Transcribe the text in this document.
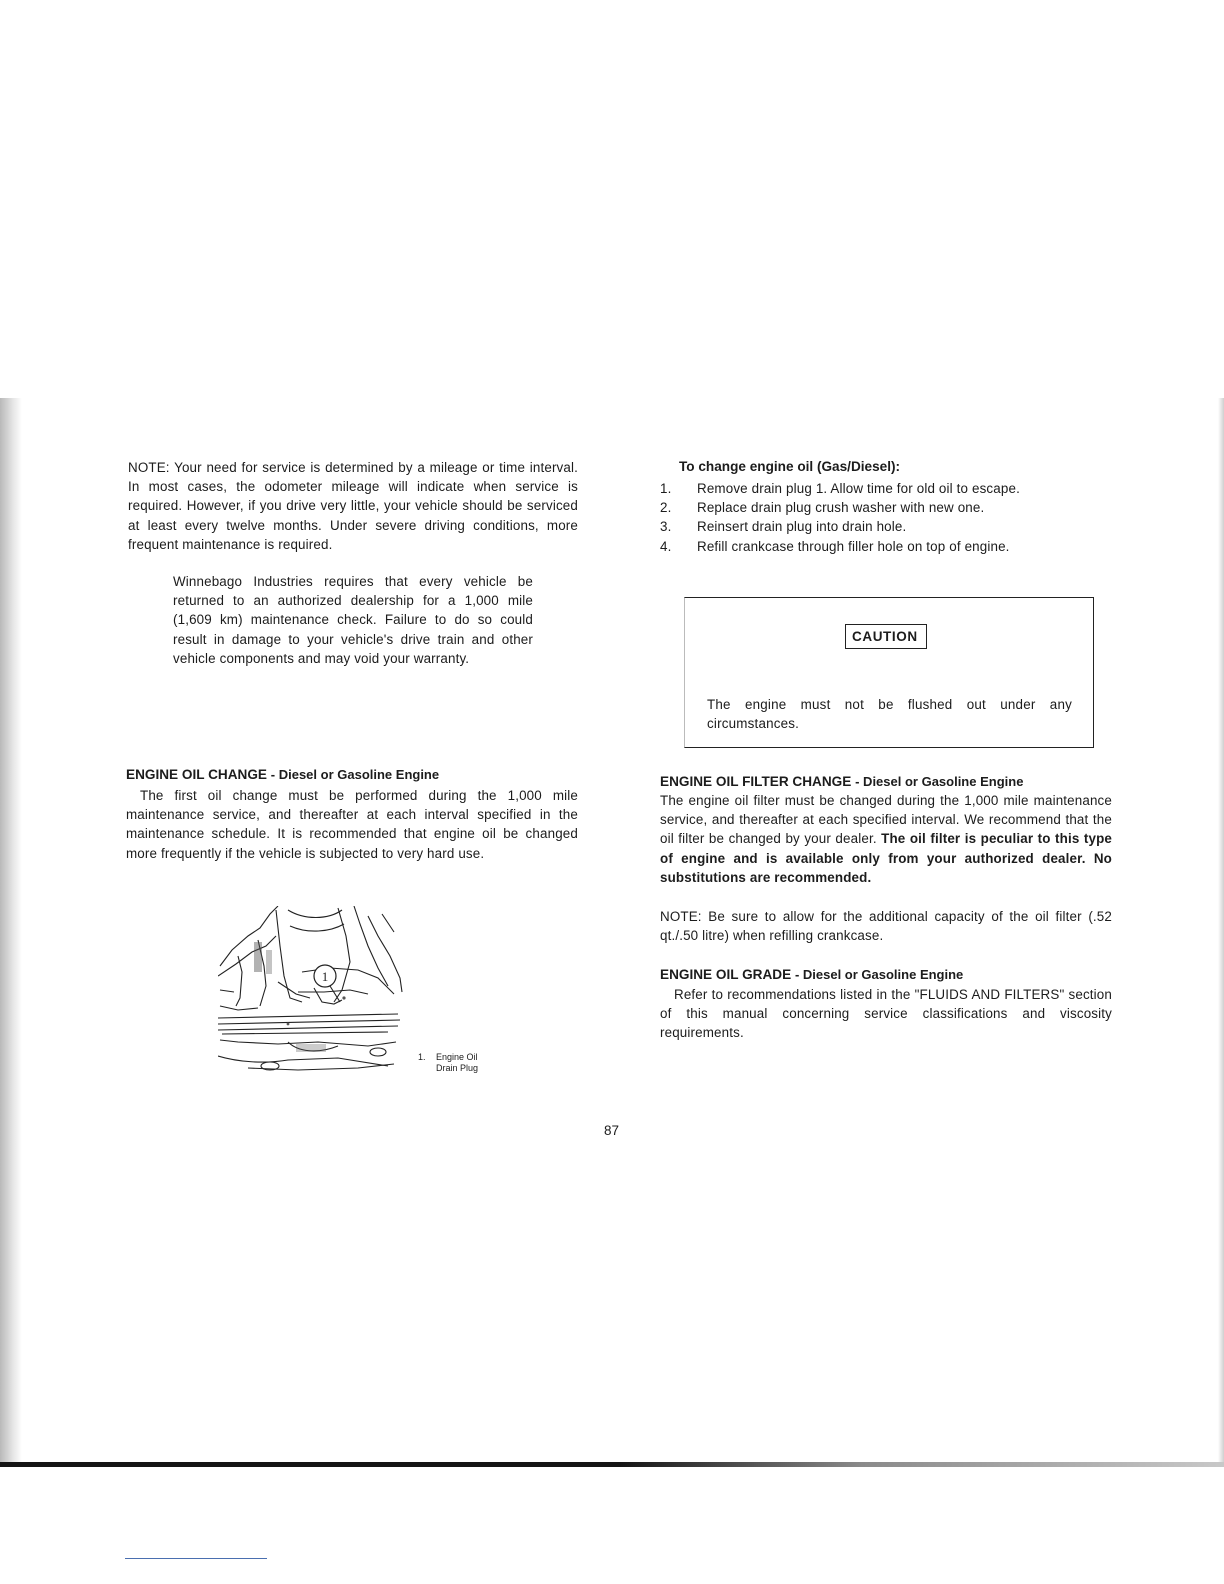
NOTE: Your need for service is determined by a mileage or time interval. In most cases, the odometer mileage will indicate when service is required. However, if you drive very little, your vehicle should be serviced at least every twelve months. Under severe driving conditions, more frequent maintenance is required.

Winnebago Industries requires that every vehicle be returned to an authorized dealership for a 1,000 mile (1,609 km) maintenance check. Failure to do so could result in damage to your vehicle's drive train and other vehicle components and may void your warranty.

ENGINE OIL CHANGE - Diesel or Gasoline Engine

The first oil change must be performed during the 1,000 mile maintenance service, and thereafter at each interval specified in the maintenance schedule. It is recommended that engine oil be changed more frequently if the vehicle is subjected to very hard use.

1
1. Engine Oil
Drain Plug
To change engine oil (Gas/Diesel):
1.	Remove drain plug 1. Allow time for old oil to escape.
2.	Replace drain plug crush washer with new one.
3.	Reinsert drain plug into drain hole.
4.	Refill crankcase through filler hole on top of engine.
CAUTION
The engine must not be flushed out under any circumstances.
ENGINE OIL FILTER CHANGE - Diesel or Gasoline Engine

The engine oil filter must be changed during the 1,000 mile maintenance service, and thereafter at each specified interval. We recommend that the oil filter be changed by your dealer. The oil filter is peculiar to this type of engine and is available only from your authorized dealer. No substitutions are recommended.

NOTE: Be sure to allow for the additional capacity of the oil filter (.52 qt./.50 litre) when refilling crankcase.

ENGINE OIL GRADE - Diesel or Gasoline Engine

Refer to recommendations listed in the "FLUIDS AND FILTERS" section of this manual concerning service classifications and viscosity requirements.

87
